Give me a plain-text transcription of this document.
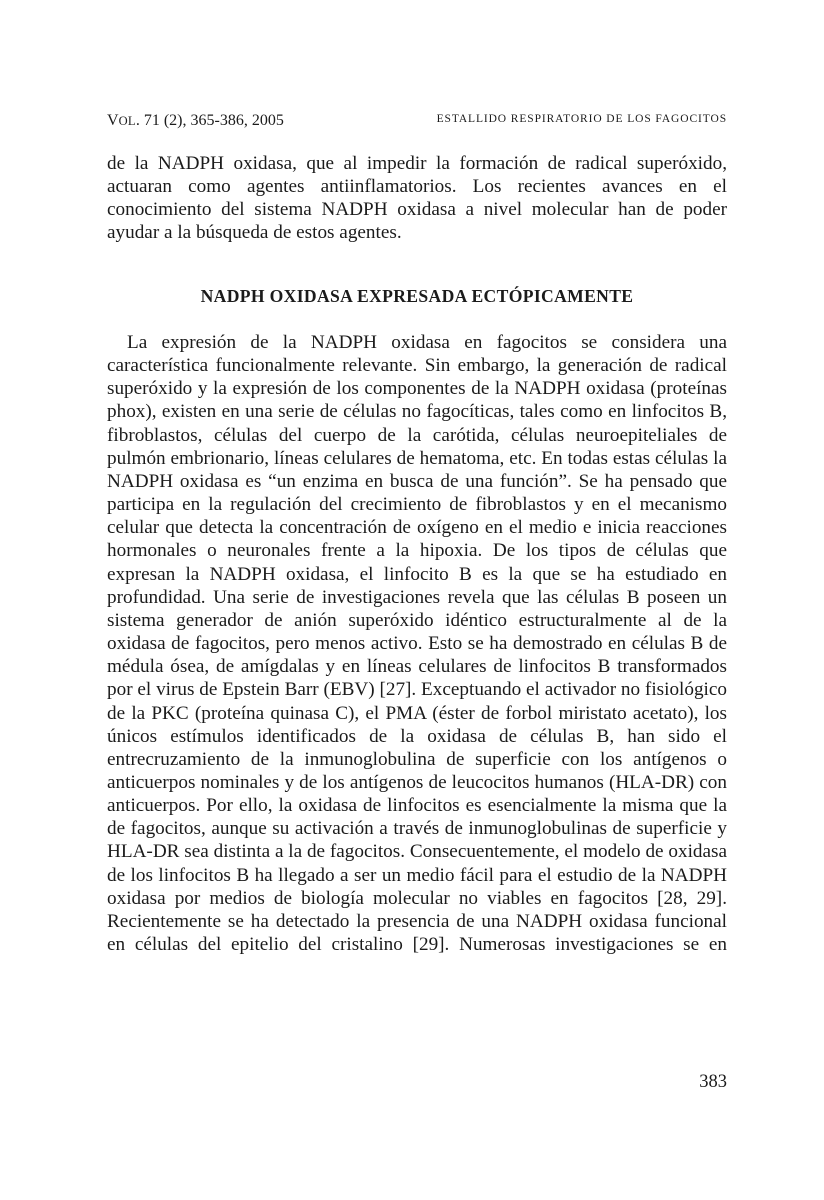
VOL. 71 (2), 365-386, 2005	ESTALLIDO RESPIRATORIO DE LOS FAGOCITOS

de la NADPH oxidasa, que al impedir la formación de radical superóxido, actuaran como agentes antiinflamatorios. Los recientes avances en el conocimiento del sistema NADPH oxidasa a nivel molecular han de poder ayudar a la búsqueda de estos agentes.

NADPH OXIDASA EXPRESADA ECTÓPICAMENTE

La expresión de la NADPH oxidasa en fagocitos se considera una característica funcionalmente relevante. Sin embargo, la generación de radical superóxido y la expresión de los componentes de la NADPH oxidasa (proteínas phox), existen en una serie de células no fagocíticas, tales como en linfocitos B, fibroblastos, células del cuerpo de la carótida, células neuroepiteliales de pulmón embrionario, líneas celulares de hematoma, etc. En todas estas células la NADPH oxidasa es “un enzima en busca de una función”. Se ha pensado que participa en la regulación del crecimiento de fibroblastos y en el mecanismo celular que detecta la concentración de oxígeno en el medio e inicia reacciones hormonales o neuronales frente a la hipoxia. De los tipos de células que expresan la NADPH oxidasa, el linfocito B es la que se ha estudiado en profundidad. Una serie de investigaciones revela que las células B poseen un sistema generador de anión superóxido idéntico estructuralmente al de la oxidasa de fagocitos, pero menos activo. Esto se ha demostrado en células B de médula ósea, de amígdalas y en líneas celulares de linfocitos B transformados por el virus de Epstein Barr (EBV) [27]. Exceptuando el activador no fisiológico de la PKC (proteína quinasa C), el PMA (éster de forbol miristato acetato), los únicos estímulos identificados de la oxidasa de células B, han sido el entrecruzamiento de la inmunoglobulina de superficie con los antígenos o anticuerpos nominales y de los antígenos de leucocitos humanos (HLA-DR) con anticuerpos. Por ello, la oxidasa de linfocitos es esencialmente la misma que la de fagocitos, aunque su activación a través de inmunoglobulinas de superficie y HLA-DR sea distinta a la de fagocitos. Consecuentemente, el modelo de oxidasa de los linfocitos B ha llegado a ser un medio fácil para el estudio de la NADPH oxidasa por medios de biología molecular no viables en fagocitos [28, 29]. Recientemente se ha detectado la presencia de una NADPH oxidasa funcional en células del epitelio del cristalino [29]. Numerosas investigaciones se en

383
